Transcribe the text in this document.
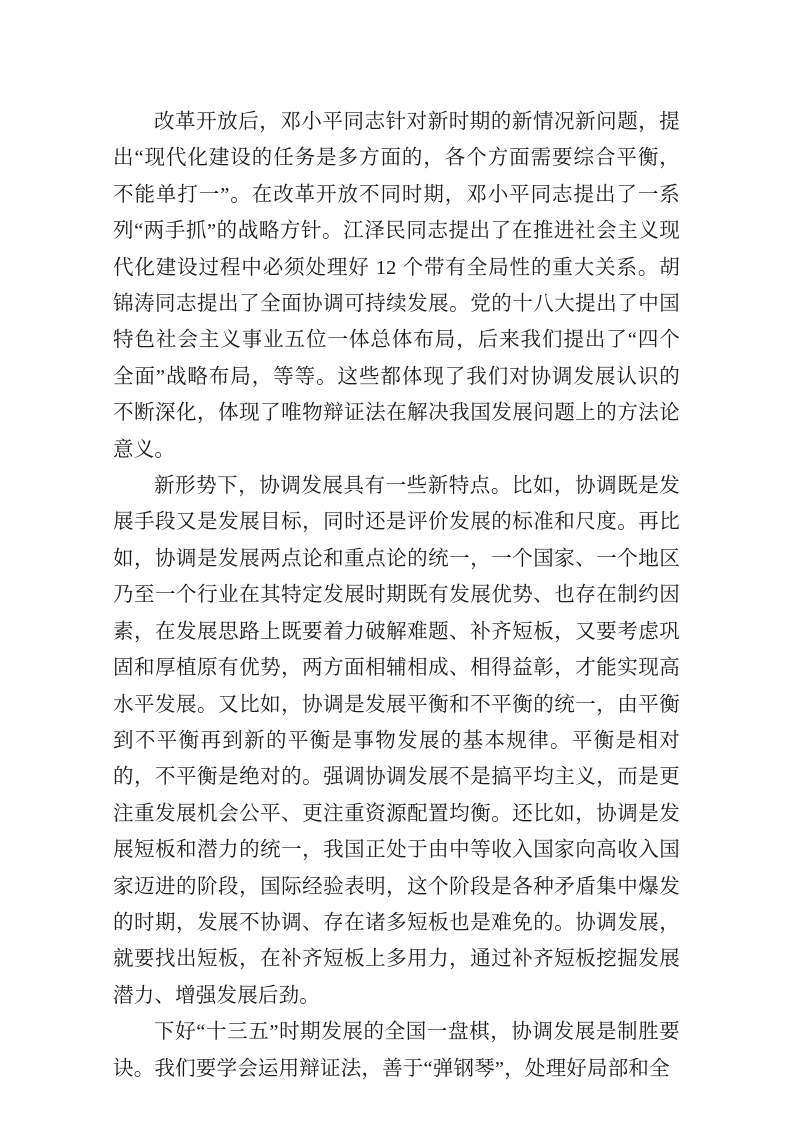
改革开放后，邓小平同志针对新时期的新情况新问题，提出“现代化建设的任务是多方面的，各个方面需要综合平衡，不能单打一”。在改革开放不同时期，邓小平同志提出了一系列“两手抓”的战略方针。江泽民同志提出了在推进社会主义现代化建设过程中必须处理好 12 个带有全局性的重大关系。胡锦涛同志提出了全面协调可持续发展。党的十八大提出了中国特色社会主义事业五位一体总体布局，后来我们提出了“四个全面”战略布局，等等。这些都体现了我们对协调发展认识的不断深化，体现了唯物辩证法在解决我国发展问题上的方法论意义。

新形势下，协调发展具有一些新特点。比如，协调既是发展手段又是发展目标，同时还是评价发展的标准和尺度。再比如，协调是发展两点论和重点论的统一，一个国家、一个地区乃至一个行业在其特定发展时期既有发展优势、也存在制约因素，在发展思路上既要着力破解难题、补齐短板，又要考虑巩固和厚植原有优势，两方面相辅相成、相得益彰，才能实现高水平发展。又比如，协调是发展平衡和不平衡的统一，由平衡到不平衡再到新的平衡是事物发展的基本规律。平衡是相对的，不平衡是绝对的。强调协调发展不是搞平均主义，而是更注重发展机会公平、更注重资源配置均衡。还比如，协调是发展短板和潜力的统一，我国正处于由中等收入国家向高收入国家迈进的阶段，国际经验表明，这个阶段是各种矛盾集中爆发的时期，发展不协调、存在诸多短板也是难免的。协调发展，就要找出短板，在补齐短板上多用力，通过补齐短板挖掘发展潜力、增强发展后劲。

下好“十三五”时期发展的全国一盘棋，协调发展是制胜要诀。我们要学会运用辩证法，善于“弹钢琴”，处理好局部和全
